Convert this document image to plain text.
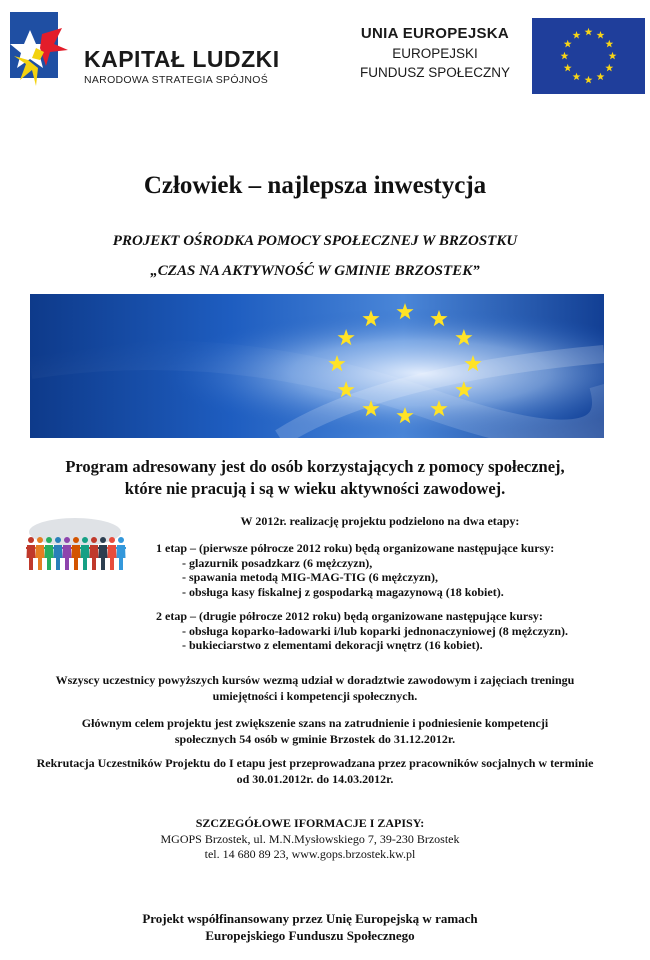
KAPITAŁ LUDZKI
NARODOWA STRATEGIA SPÓJNOŚ
UNIA EUROPEJSKA
EUROPEJSKI
FUNDUSZ SPOŁECZNY
Człowiek – najlepsza inwestycja
PROJEKT OŚRODKA POMOCY SPOŁECZNEJ W BRZOSTKU
„CZAS NA AKTYWNOŚĆ W GMINIE BRZOSTEK”
Program adresowany jest do osób korzystających z pomocy społecznej,
które nie pracują i są w wieku aktywności zawodowej.
W 2012r. realizację projektu podzielono na dwa etapy:
1 etap – (pierwsze półrocze 2012 roku) będą organizowane następujące kursy:
- glazurnik posadzkarz (6 mężczyzn),
- spawania metodą MIG-MAG-TIG (6 mężczyzn),
- obsługa kasy fiskalnej z gospodarką magazynową (18 kobiet).
2 etap – (drugie półrocze 2012 roku) będą organizowane następujące kursy:
- obsługa koparko-ładowarki i/lub koparki jednonaczyniowej (8 mężczyzn).
- bukieciarstwo z elementami dekoracji wnętrz (16 kobiet).
Wszyscy uczestnicy powyższych kursów wezmą udział w doradztwie zawodowym i zajęciach treningu
umiejętności i kompetencji społecznych.
Głównym celem projektu jest zwiększenie szans na zatrudnienie i podniesienie kompetencji
społecznych 54 osób w gminie Brzostek do 31.12.2012r.
Rekrutacja Uczestników Projektu do I etapu jest przeprowadzana przez pracowników socjalnych w terminie
od 30.01.2012r. do 14.03.2012r.
SZCZEGÓŁOWE IFORMACJE I ZAPISY:
MGOPS Brzostek, ul. M.N.Mysłowskiego 7, 39-230 Brzostek
tel. 14 680 89 23, www.gops.brzostek.kw.pl
Projekt współfinansowany przez Unię Europejską w ramach
Europejskiego Funduszu Społecznego
